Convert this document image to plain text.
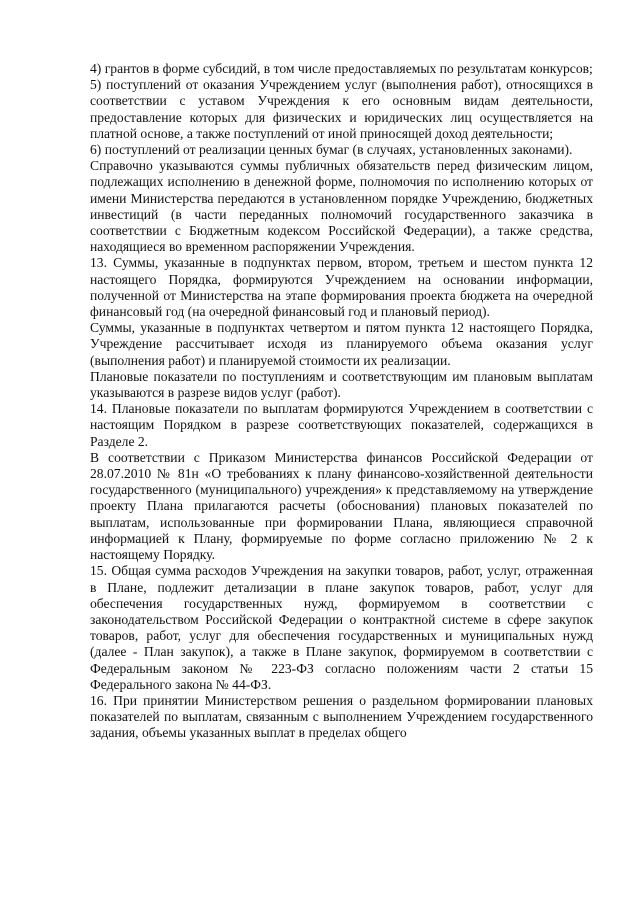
4) грантов в форме субсидий, в том числе предоставляемых по результатам конкурсов;

5) поступлений от оказания Учреждением услуг (выполнения работ), относящихся в соответствии с уставом Учреждения к его основным видам деятельности, предоставление которых для физических и юридических лиц осуществляется на платной основе, а также поступлений от иной приносящей доход деятельности;

6) поступлений от реализации ценных бумаг (в случаях, установленных законами).

Справочно указываются суммы публичных обязательств перед физическим лицом, подлежащих исполнению в денежной форме, полномочия по исполнению которых от имени Министерства передаются в установленном порядке Учреждению, бюджетных инвестиций (в части переданных полномочий государственного заказчика в соответствии с Бюджетным кодексом Российской Федерации), а также средства, находящиеся во временном распоряжении Учреждения.

13. Суммы, указанные в подпунктах первом, втором, третьем и шестом пункта 12 настоящего Порядка, формируются Учреждением на основании информации, полученной от Министерства на этапе формирования проекта бюджета на очередной финансовый год (на очередной финансовый год и плановый период).

Суммы, указанные в подпунктах четвертом и пятом пункта 12 настоящего Порядка, Учреждение рассчитывает исходя из планируемого объема оказания услуг (выполнения работ) и планируемой стоимости их реализации.

Плановые показатели по поступлениям и соответствующим им плановым выплатам указываются в разрезе видов услуг (работ).

14. Плановые показатели по выплатам формируются Учреждением в соответствии с настоящим Порядком в разрезе соответствующих показателей, содержащихся в Разделе 2.

В соответствии с Приказом Министерства финансов Российской Федерации от 28.07.2010 № 81н «О требованиях к плану финансово-хозяйственной деятельности государственного (муниципального) учреждения» к представляемому на утверждение проекту Плана прилагаются расчеты (обоснования) плановых показателей по выплатам, использованные при формировании Плана, являющиеся справочной информацией к Плану, формируемые по форме согласно приложению № 2 к настоящему Порядку.

15. Общая сумма расходов Учреждения на закупки товаров, работ, услуг, отраженная в Плане, подлежит детализации в плане закупок товаров, работ, услуг для обеспечения государственных нужд, формируемом в соответствии с законодательством Российской Федерации о контрактной системе в сфере закупок товаров, работ, услуг для обеспечения государственных и муниципальных нужд (далее - План закупок), а также в Плане закупок, формируемом в соответствии с Федеральным законом № 223-ФЗ согласно положениям части 2 статьи 15 Федерального закона № 44-ФЗ.

16. При принятии Министерством решения о раздельном формировании плановых показателей по выплатам, связанным с выполнением Учреждением государственного задания, объемы указанных выплат в пределах общего
